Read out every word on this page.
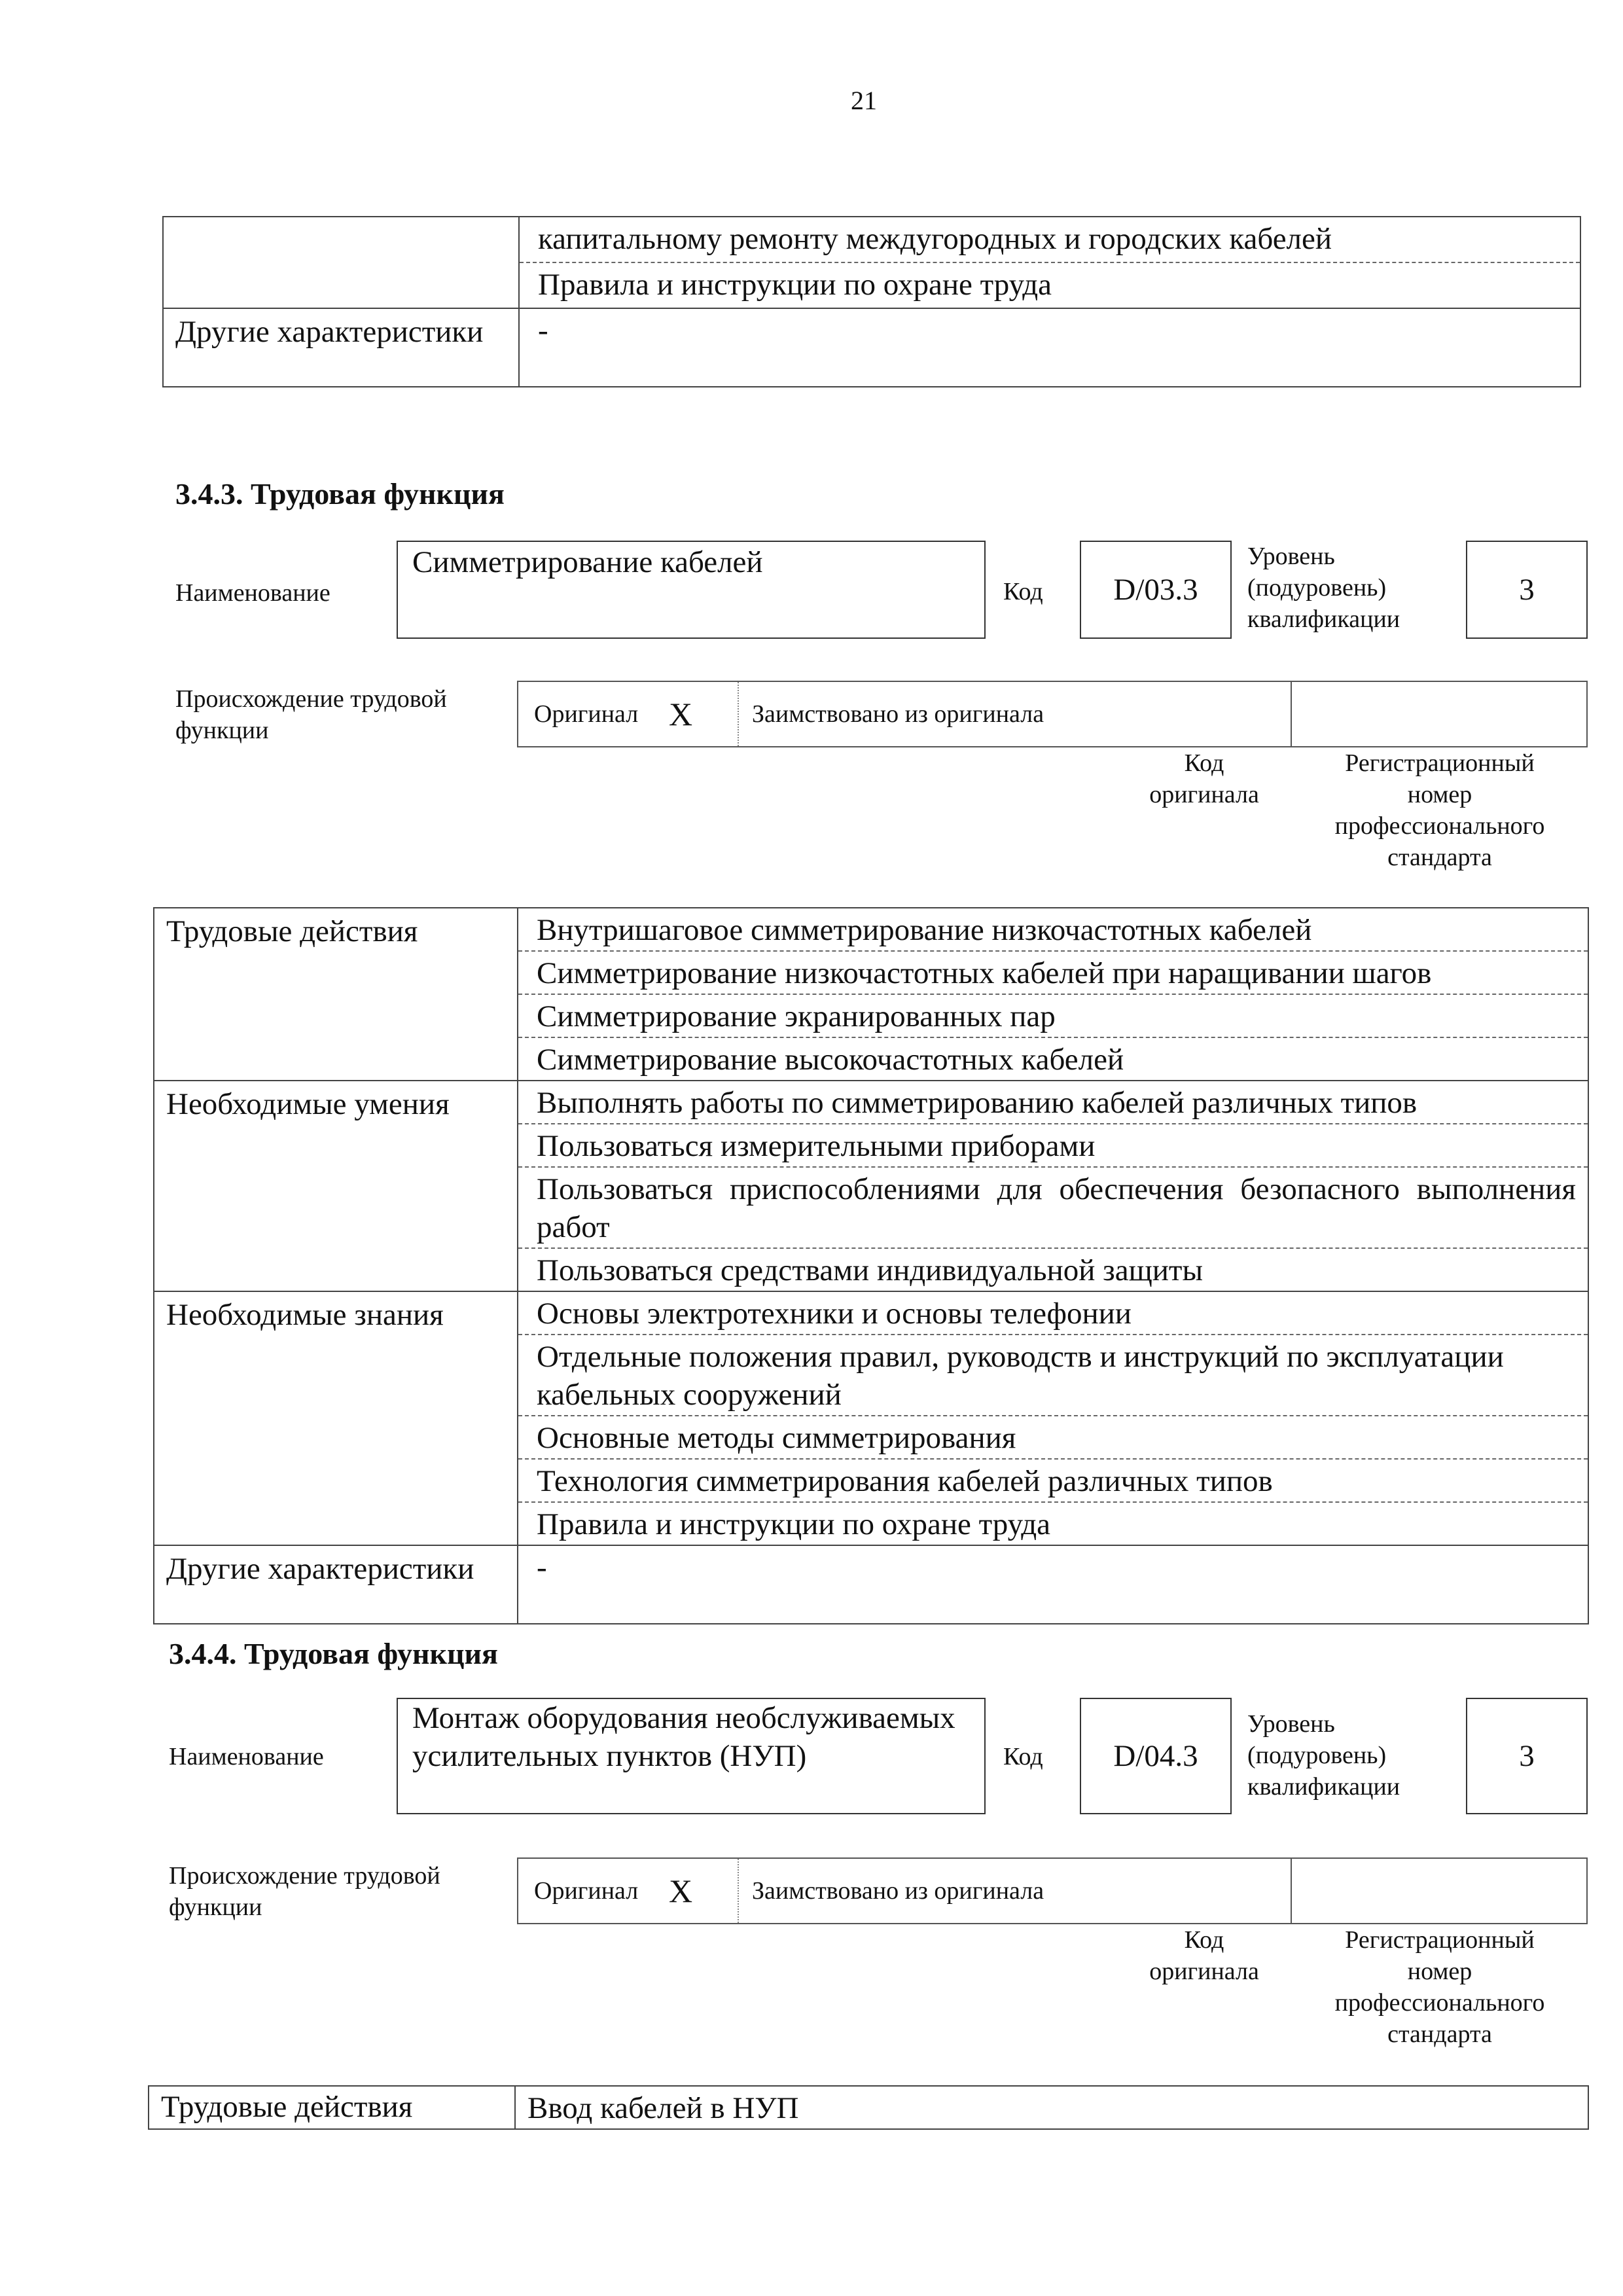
21

	капитальному ремонту междугородных и городских кабелей
Правила и инструкции по охране труда

Другие характеристики	-
3.4.3. Трудовая функция
Наименование
Симметрирование кабелей
Код	D/03.3
Уровень
(подуровень)
квалификации
3
Происхождение трудовой функции
Оригинал X	Заимствовано из оригинала
Код оригинала
Регистрационный номер профессионального стандарта
Трудовые действия	Внутришаговое симметрирование низкочастотных кабелей
Симметрирование низкочастотных кабелей при наращивании шагов
Симметрирование экранированных пар
Симметрирование высокочастотных кабелей

Необходимые умения	Выполнять работы по симметрированию кабелей различных типов
Пользоваться измерительными приборами
Пользоваться приспособлениями для обеспечения безопасного выполнения работ
Пользоваться средствами индивидуальной защиты

Необходимые знания	Основы электротехники и основы телефонии
Отдельные положения правил, руководств и инструкций по эксплуатации кабельных сооружений
Основные методы симметрирования
Технология симметрирования кабелей различных типов
Правила и инструкции по охране труда

Другие характеристики	-
3.4.4. Трудовая функция
Наименование
Монтаж оборудования необслуживаемых усилительных пунктов (НУП)	Код	D/04.3
Уровень
(подуровень)
квалификации
3
Происхождение трудовой функции
Оригинал X	Заимствовано из оригинала
Код оригинала
Регистрационный номер профессионального стандарта
Трудовые действия	Ввод кабелей в НУП
